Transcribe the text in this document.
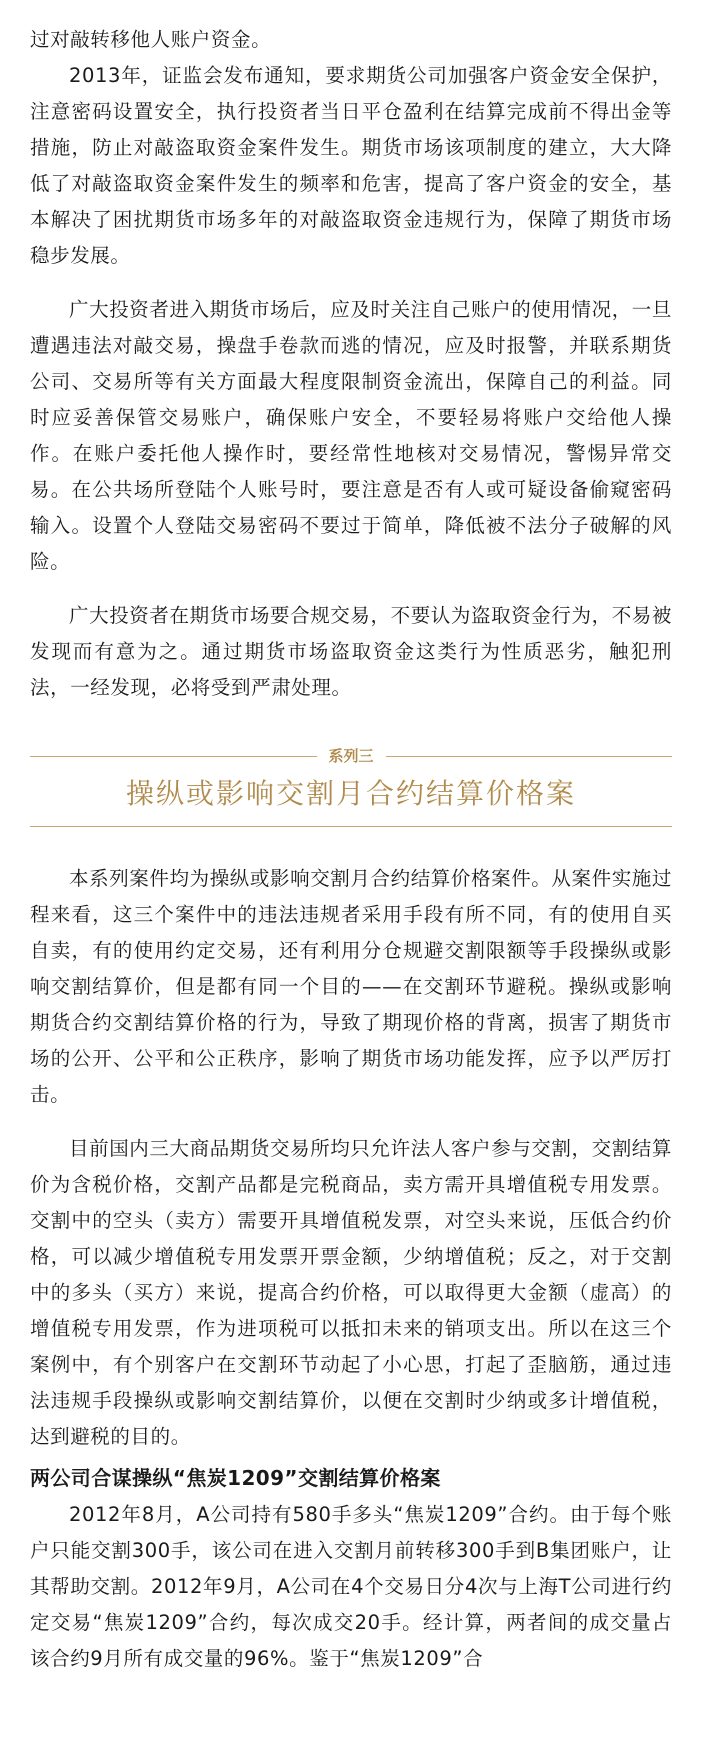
过对敲转移他人账户资金。

2013年，证监会发布通知，要求期货公司加强客户资金安全保护，注意密码设置安全，执行投资者当日平仓盈利在结算完成前不得出金等措施，防止对敲盗取资金案件发生。期货市场该项制度的建立，大大降低了对敲盗取资金案件发生的频率和危害，提高了客户资金的安全，基本解决了困扰期货市场多年的对敲盗取资金违规行为，保障了期货市场稳步发展。

广大投资者进入期货市场后，应及时关注自己账户的使用情况，一旦遭遇违法对敲交易，操盘手卷款而逃的情况，应及时报警，并联系期货公司、交易所等有关方面最大程度限制资金流出，保障自己的利益。同时应妥善保管交易账户，确保账户安全，不要轻易将账户交给他人操作。在账户委托他人操作时，要经常性地核对交易情况，警惕异常交易。在公共场所登陆个人账号时，要注意是否有人或可疑设备偷窥密码输入。设置个人登陆交易密码不要过于简单，降低被不法分子破解的风险。

广大投资者在期货市场要合规交易，不要认为盗取资金行为，不易被发现而有意为之。通过期货市场盗取资金这类行为性质恶劣，触犯刑法，一经发现，必将受到严肃处理。

系列三
操纵或影响交割月合约结算价格案

本系列案件均为操纵或影响交割月合约结算价格案件。从案件实施过程来看，这三个案件中的违法违规者采用手段有所不同，有的使用自买自卖，有的使用约定交易，还有利用分仓规避交割限额等手段操纵或影响交割结算价，但是都有同一个目的——在交割环节避税。操纵或影响期货合约交割结算价格的行为，导致了期现价格的背离，损害了期货市场的公开、公平和公正秩序，影响了期货市场功能发挥，应予以严厉打击。

目前国内三大商品期货交易所均只允许法人客户参与交割，交割结算价为含税价格，交割产品都是完税商品，卖方需开具增值税专用发票。交割中的空头（卖方）需要开具增值税发票，对空头来说，压低合约价格，可以减少增值税专用发票开票金额，少纳增值税；反之，对于交割中的多头（买方）来说，提高合约价格，可以取得更大金额（虚高）的增值税专用发票，作为进项税可以抵扣未来的销项支出。所以在这三个案例中，有个别客户在交割环节动起了小心思，打起了歪脑筋，通过违法违规手段操纵或影响交割结算价，以便在交割时少纳或多计增值税，达到避税的目的。

两公司合谋操纵“焦炭1209”交割结算价格案

2012年8月，A公司持有580手多头“焦炭1209”合约。由于每个账户只能交割300手，该公司在进入交割月前转移300手到B集团账户，让其帮助交割。2012年9月，A公司在4个交易日分4次与上海T公司进行约定交易“焦炭1209”合约，每次成交20手。经计算，两者间的成交量占该合约9月所有成交量的96%。鉴于“焦炭1209”合
